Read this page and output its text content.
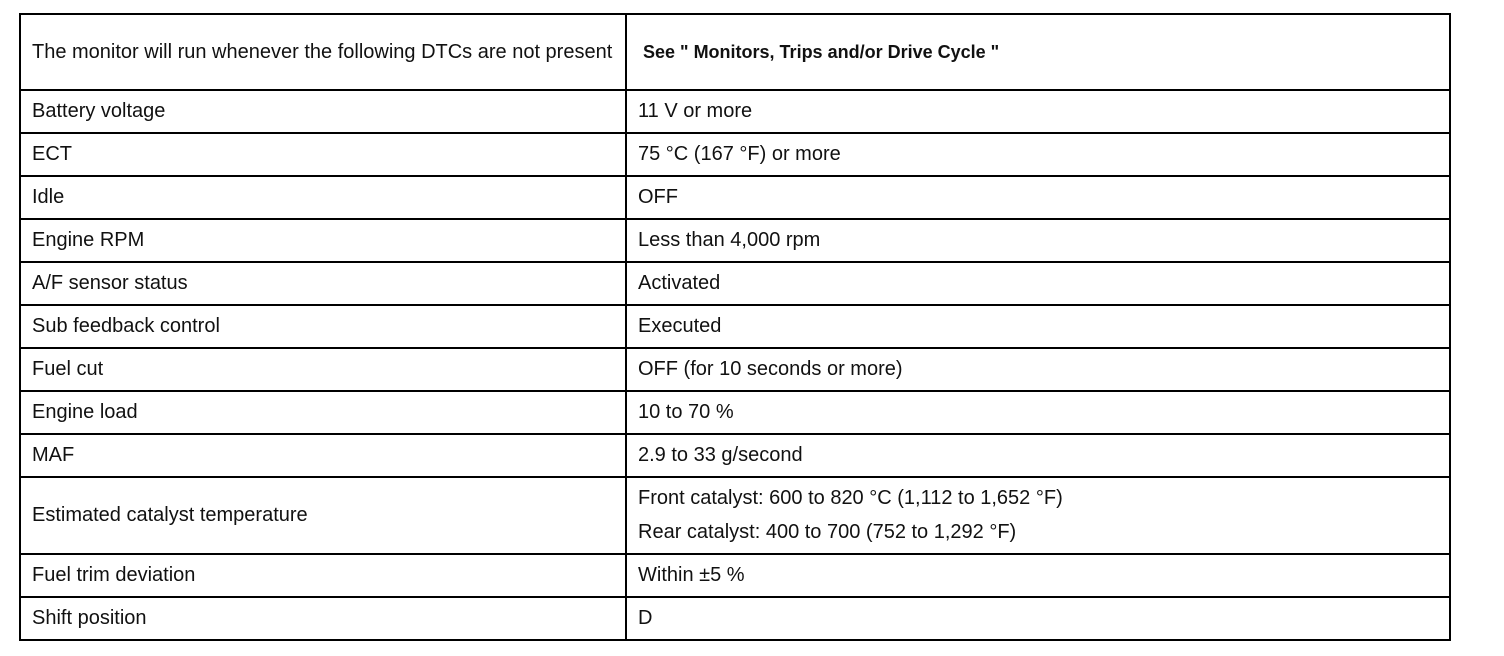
The monitor will run whenever the following DTCs are not present	See " Monitors, Trips and/or Drive Cycle "
Battery voltage	11 V or more
ECT	75 °C (167 °F) or more
Idle	OFF
Engine RPM	Less than 4,000 rpm
A/F sensor status	Activated
Sub feedback control	Executed
Fuel cut	OFF (for 10 seconds or more)
Engine load	10 to 70 %
MAF	2.9 to 33 g/second
Estimated catalyst temperature	Front catalyst: 600 to 820 °C (1,112 to 1,652 °F)
Rear catalyst: 400 to 700 (752 to 1,292 °F)

Fuel trim deviation	Within ±5 %
Shift position	D
